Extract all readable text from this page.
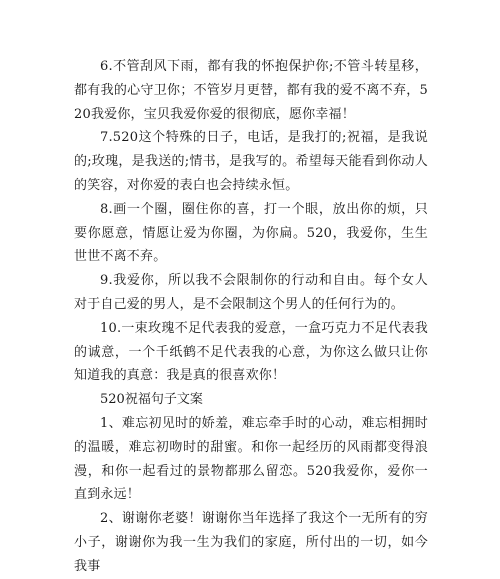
6.不管刮风下雨，都有我的怀抱保护你;不管斗转星移，都有我的心守卫你；不管岁月更替，都有我的爱不离不弃，520我爱你，宝贝我爱你爱的很彻底，愿你幸福！

7.520这个特殊的日子，电话，是我打的;祝福，是我说的;玫瑰，是我送的;情书，是我写的。希望每天能看到你动人的笑容，对你爱的表白也会持续永恒。

8.画一个圈，圈住你的喜，打一个眼，放出你的烦，只要你愿意，情愿让爱为你圈，为你扁。520，我爱你，生生世世不离不弃。

9.我爱你，所以我不会限制你的行动和自由。每个女人对于自己爱的男人，是不会限制这个男人的任何行为的。

10.一束玫瑰不足代表我的爱意，一盒巧克力不足代表我的诚意，一个千纸鹤不足代表我的心意，为你这么做只让你知道我的真意：我是真的很喜欢你！

520祝福句子文案

1、难忘初见时的娇羞，难忘牵手时的心动，难忘相拥时的温暖，难忘初吻时的甜蜜。和你一起经历的风雨都变得浪漫，和你一起看过的景物都那么留恋。520我爱你，爱你一直到永远！

2、谢谢你老婆！谢谢你当年选择了我这个一无所有的穷小子，谢谢你为我一生为我们的家庭，所付出的一切，如今我事
